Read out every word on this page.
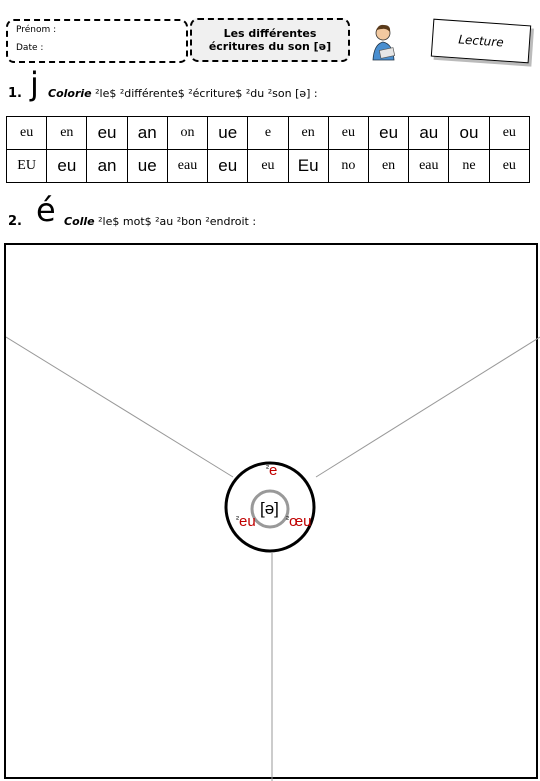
Prénom :
Date :
Les différentes
écritures du son [ə]	Lecture
1. j Colorie ²le$ ²différente$ ²écriture$ ²du ²son [ə] :
eu	en	eu	an	on	ue	e	en	eu	eu	au	ou	eu
EU	eu	an	ue	eau	eu	eu	Eu	no	en	eau	ne	eu
2. é Colle ²le$ mot$ ²au ²bon ²endroit :
$^{^2}$e
[ə]
$^{^2}$eu	$^{^2}$œu
